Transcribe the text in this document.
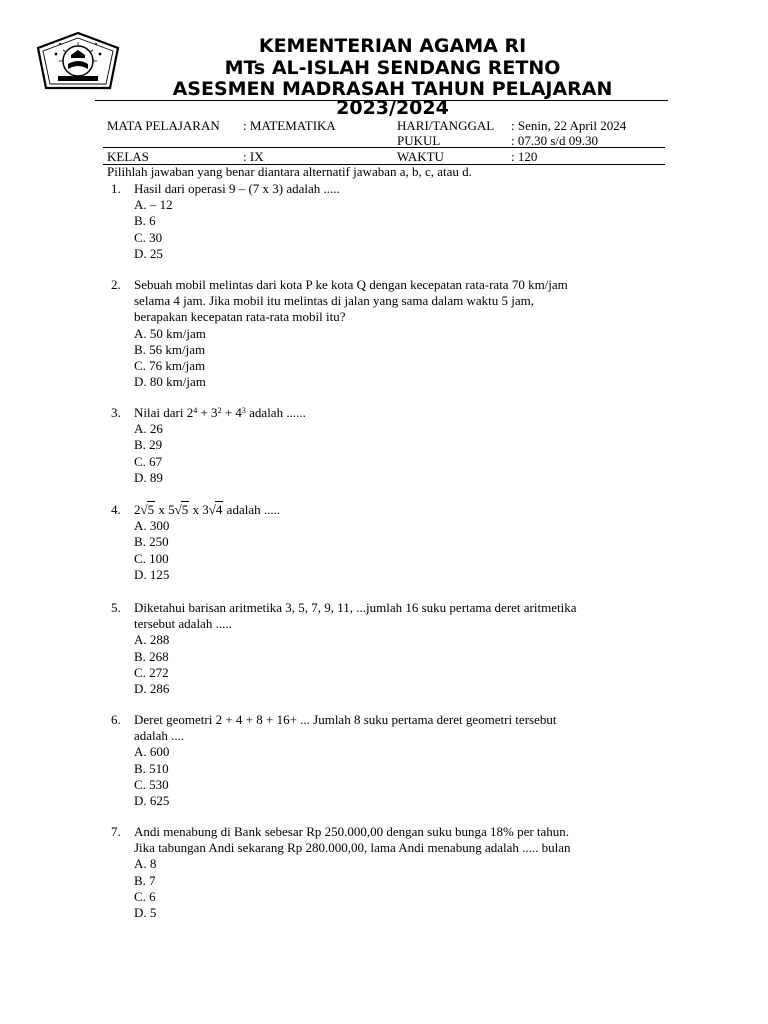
KEMENTERIAN AGAMA RI
MTs AL-ISLAH SENDANG RETNO
ASESMEN MADRASAH TAHUN PELAJARAN
2023/2024
MATA PELAJARAN : MATEMATIKA	HARI/TANGGAL : Senin, 22 April 2024
PUKUL	: 07.30 s/d 09.30
KELAS	: IX	WAKTU	: 120
Pilihlah jawaban yang benar diantara alternatif jawaban a, b, c, atau d.
1. Hasil dari operasi 9 – (7 x 3) adalah .....
A. – 12
B. 6
C. 30
D. 25
2. Sebuah mobil melintas dari kota P ke kota Q dengan kecepatan rata-rata 70 km/jam
selama 4 jam. Jika mobil itu melintas di jalan yang sama dalam waktu 5 jam,
berapakan kecepatan rata-rata mobil itu?
A. 50 km/jam
B. 56 km/jam
C. 76 km/jam
D. 80 km/jam
3. Nilai dari $2^4 + 3^2 + 4^3$ adalah ......
A. 26
B. 29
C. 67
D. 89
4. 2√5 x 5√5 x 3√4 adalah .....
A. 300
B. 250
C. 100
D. 125
5. Diketahui barisan aritmetika 3, 5, 7, 9, 11, ...jumlah 16 suku pertama deret aritmetika
tersebut adalah .....
A. 288
B. 268
C. 272
D. 286
6. Deret geometri 2 + 4 + 8 + 16+ ... Jumlah 8 suku pertama deret geometri tersebut
adalah ....
A. 600
B. 510
C. 530
D. 625
7. Andi menabung di Bank sebesar Rp 250.000,00 dengan suku bunga 18% per tahun.
Jika tabungan Andi sekarang Rp 280.000,00, lama Andi menabung adalah ..... bulan
A. 8
B. 7
C. 6
D. 5
